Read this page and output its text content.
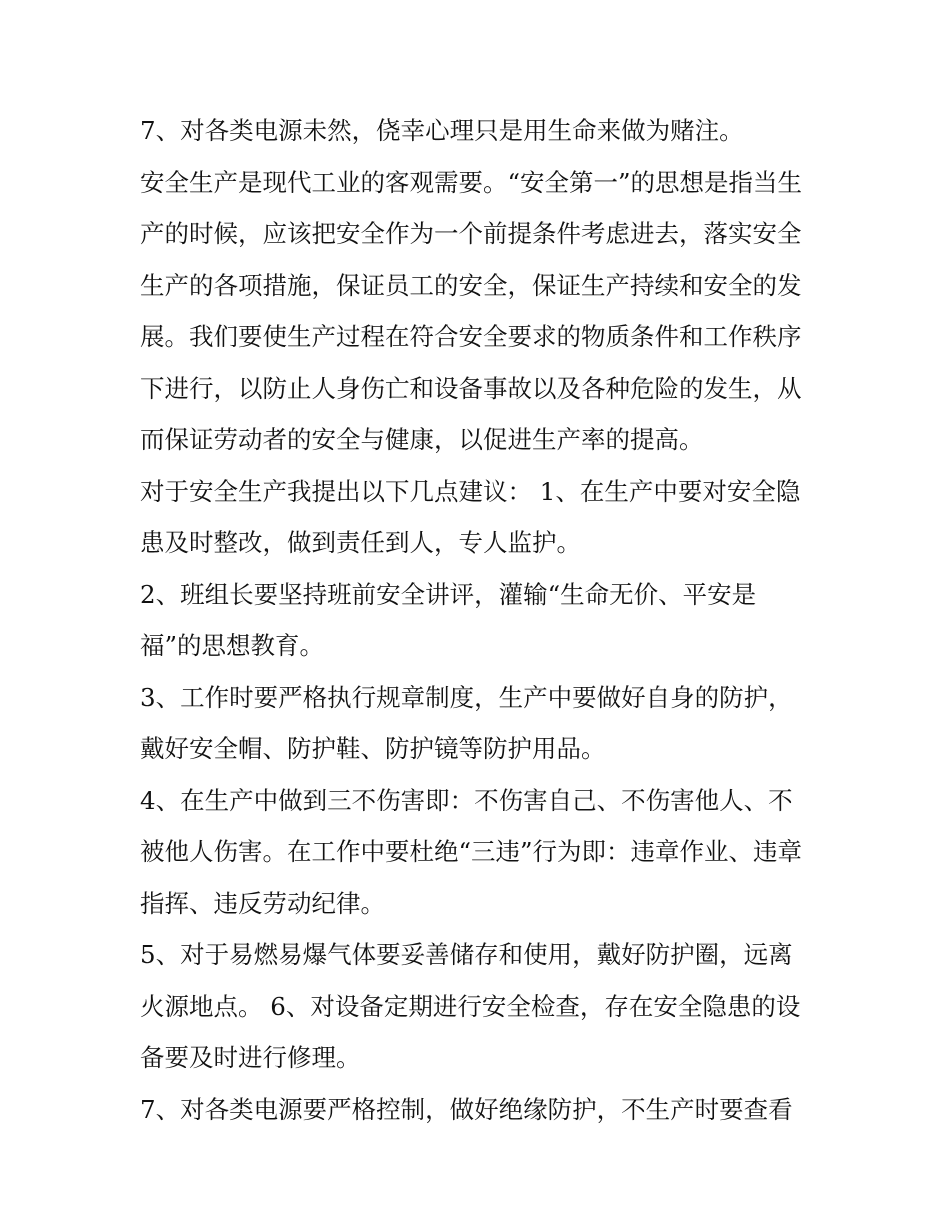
7、对各类电源未然，侥幸心理只是用生命来做为赌注。
安全生产是现代工业的客观需要。“安全第一”的思想是指当生
产的时候，应该把安全作为一个前提条件考虑进去，落实安全
生产的各项措施，保证员工的安全，保证生产持续和安全的发
展。我们要使生产过程在符合安全要求的物质条件和工作秩序
下进行，以防止人身伤亡和设备事故以及各种危险的发生，从
而保证劳动者的安全与健康，以促进生产率的提高。
对于安全生产我提出以下几点建议： 1、在生产中要对安全隐
患及时整改，做到责任到人，专人监护。
2、班组长要坚持班前安全讲评，灌输“生命无价、平安是
福”的思想教育。
3、工作时要严格执行规章制度，生产中要做好自身的防护，
戴好安全帽、防护鞋、防护镜等防护用品。
4、在生产中做到三不伤害即：不伤害自己、不伤害他人、不
被他人伤害。在工作中要杜绝“三违”行为即：违章作业、违章
指挥、违反劳动纪律。
5、对于易燃易爆气体要妥善储存和使用，戴好防护圈，远离
火源地点。 6、对设备定期进行安全检查，存在安全隐患的设
备要及时进行修理。
7、对各类电源要严格控制，做好绝缘防护，不生产时要查看
